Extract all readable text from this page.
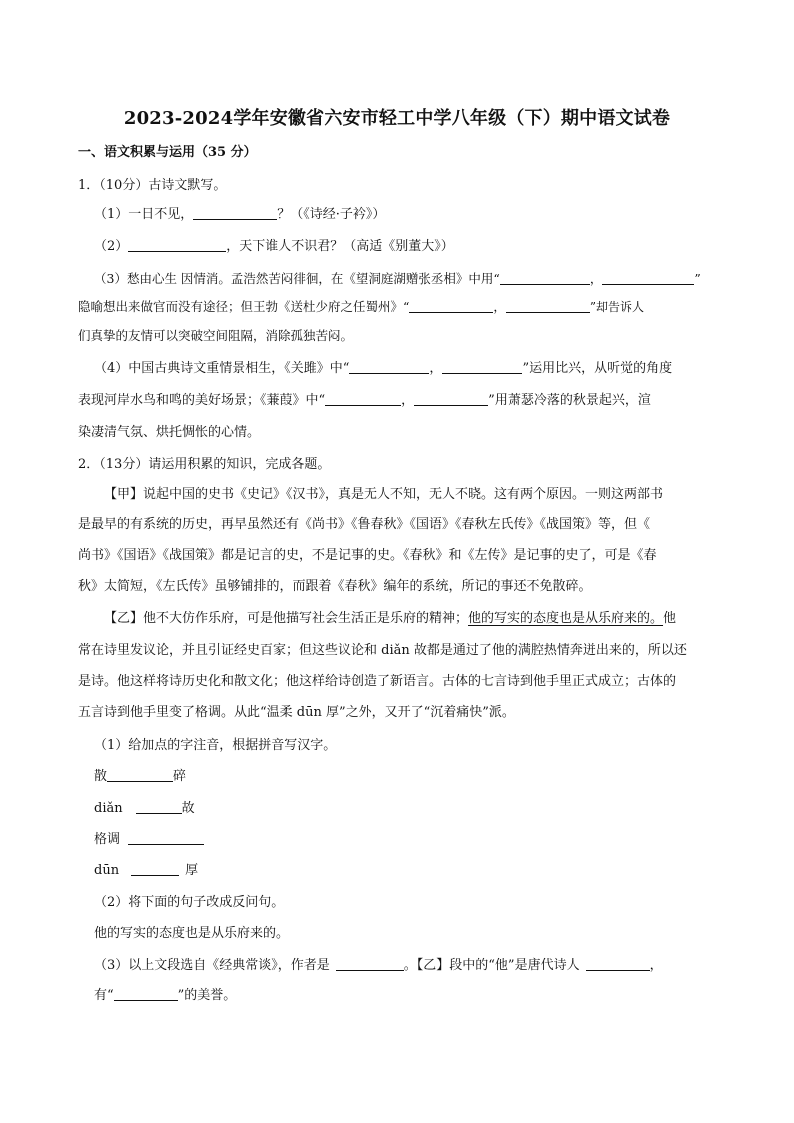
2023-2024学年安徽省六安市轻工中学八年级（下）期中语文试卷
一、语文积累与运用（35 分）
1．（10分）古诗文默写。
（1）一日不见，	？（《诗经·子衿》）
（2）	，天下谁人不识君？（高适《别董大》）
（3）愁由心生 因情消。孟浩然苦闷徘徊，在《望洞庭湖赠张丞相》中用“	，	”
隐喻想出来做官而没有途径；但王勃《送杜少府之任蜀州》“	，	”却告诉人
们真挚的友情可以突破空间阻隔，消除孤独苦闷。
（4）中国古典诗文重情景相生，《关雎》中“	，	”运用比兴，从听觉的角度
表现河岸水鸟和鸣的美好场景；《蒹葭》中“	，	”用萧瑟冷落的秋景起兴，渲
染凄清气氛、烘托惆怅的心情。
2．（13分）请运用积累的知识，完成各题。
【甲】说起中国的史书《史记》《汉书》，真是无人不知，无人不晓。这有两个原因。一则这两部书
是最早的有系统的历史，再早虽然还有《尚书》《鲁春秋》《国语》《春秋左氏传》《战国策》等，但《
尚书》《国语》《战国策》都是记言的史，不是记事的史。《春秋》和《左传》是记事的史了，可是《春
秋》太简短，《左氏传》虽够铺排的，而跟着《春秋》编年的系统，所记的事还不免散碎。
【乙】他不大仿作乐府，可是他描写社会生活正是乐府的精神；他的写实的态度也是从乐府来的。他
常在诗里发议论，并且引证经史百家；但这些议论和 diǎn 故都是通过了他的满腔热情奔迸出来的，所以还
是诗。他这样将诗历史化和散文化；他这样给诗创造了新语言。古体的七言诗到他手里正式成立；古体的
五言诗到他手里变了格调。从此“温柔 dūn 厚”之外，又开了“沉着痛快”派。
（1）给加点的字注音，根据拼音写汉字。
散	碎
diǎn	故
格调
dūn	厚
（2）将下面的句子改成反问句。
他的写实的态度也是从乐府来的。
（3）以上文段选自《经典常谈》，作者是	。【乙】段中的“他”是唐代诗人	，
有“	”的美誉。
